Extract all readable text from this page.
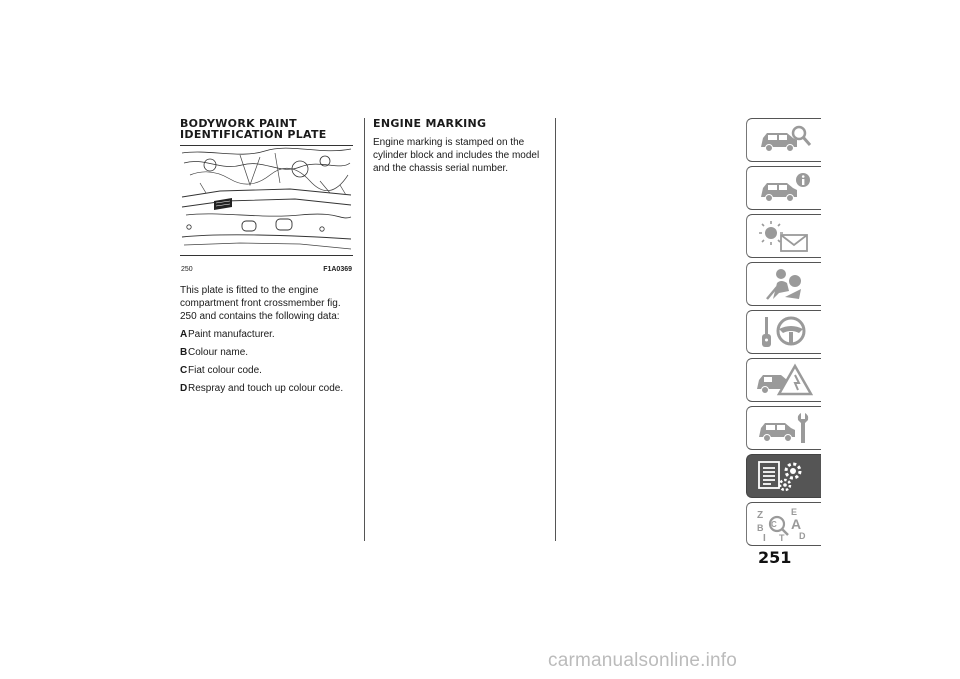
BODYWORK PAINT
IDENTIFICATION PLATE
250	F1A0369

This plate is fitted to the engine compartment front crossmember fig. 250 and contains the following data:

APaint manufacturer.
BColour name.
CFiat colour code.
DRespray and touch up colour code.
ENGINE MARKING

Engine marking is stamped on the cylinder block and includes the model and the chassis serial number.

Z	E
B A
C
D
I T
251
carmanualsonline.info
